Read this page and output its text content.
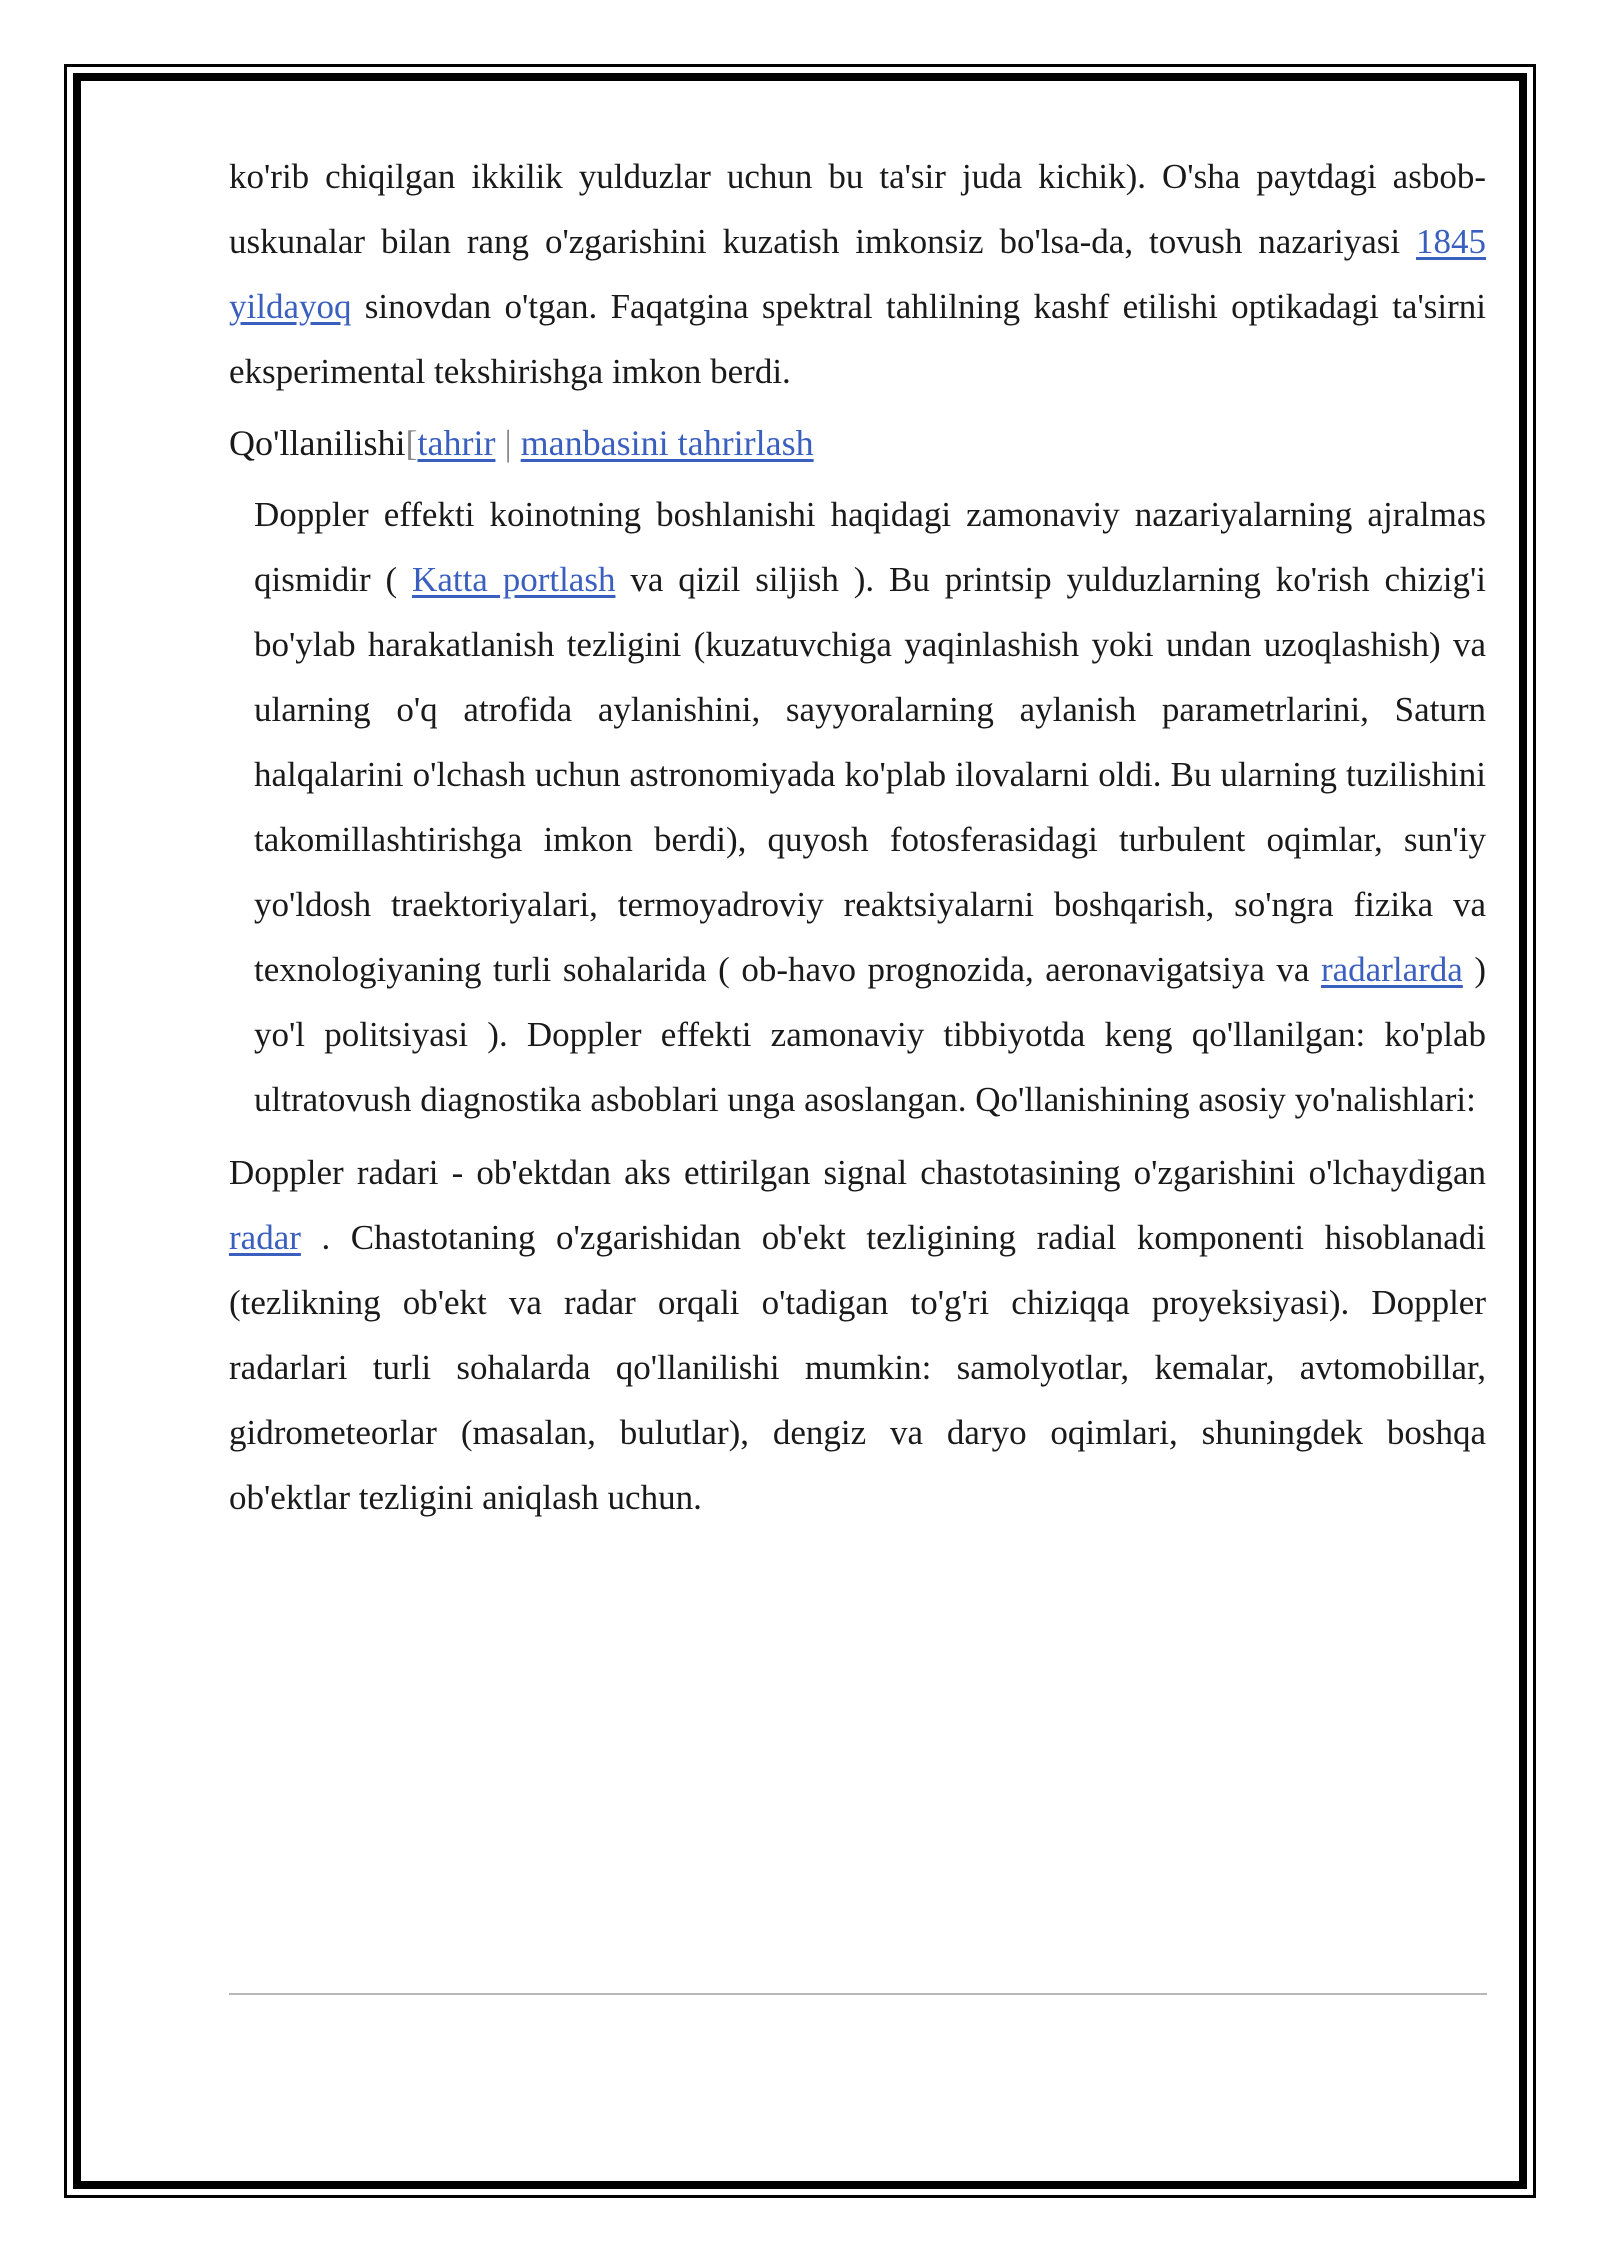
ko'rib chiqilgan ikkilik yulduzlar uchun bu ta'sir juda kichik). O'sha paytdagi asbob-uskunalar bilan rang o'zgarishini kuzatish imkonsiz bo'lsa-da, tovush nazariyasi 1845 yildayoq sinovdan o'tgan. Faqatgina spektral tahlilning kashf etilishi optikadagi ta'sirni eksperimental tekshirishga imkon berdi.

Qo'llanilishi[tahrir | manbasini tahrirlash

Doppler effekti koinotning boshlanishi haqidagi zamonaviy nazariyalarning ajralmas qismidir ( Katta portlash va qizil siljish ). Bu printsip yulduzlarning ko'rish chizig'i bo'ylab harakatlanish tezligini (kuzatuvchiga yaqinlashish yoki undan uzoqlashish) va ularning o'q atrofida aylanishini, sayyoralarning aylanish parametrlarini, Saturn halqalarini o'lchash uchun astronomiyada ko'plab ilovalarni oldi. Bu ularning tuzilishini takomillashtirishga imkon berdi), quyosh fotosferasidagi turbulent oqimlar, sun'iy yo'ldosh traektoriyalari, termoyadroviy reaktsiyalarni boshqarish, so'ngra fizika va texnologiyaning turli sohalarida ( ob-havo prognozida, aeronavigatsiya va radarlarda ) yo'l politsiyasi ). Doppler effekti zamonaviy tibbiyotda keng qo'llanilgan: ko'plab ultratovush diagnostika asboblari unga asoslangan. Qo'llanishining asosiy yo'nalishlari:

Doppler radari - ob'ektdan aks ettirilgan signal chastotasining o'zgarishini o'lchaydigan radar . Chastotaning o'zgarishidan ob'ekt tezligining radial komponenti hisoblanadi (tezlikning ob'ekt va radar orqali o'tadigan to'g'ri chiziqqa proyeksiyasi). Doppler radarlari turli sohalarda qo'llanilishi mumkin: samolyotlar, kemalar, avtomobillar, gidrometeorlar (masalan, bulutlar), dengiz va daryo oqimlari, shuningdek boshqa ob'ektlar tezligini aniqlash uchun.
